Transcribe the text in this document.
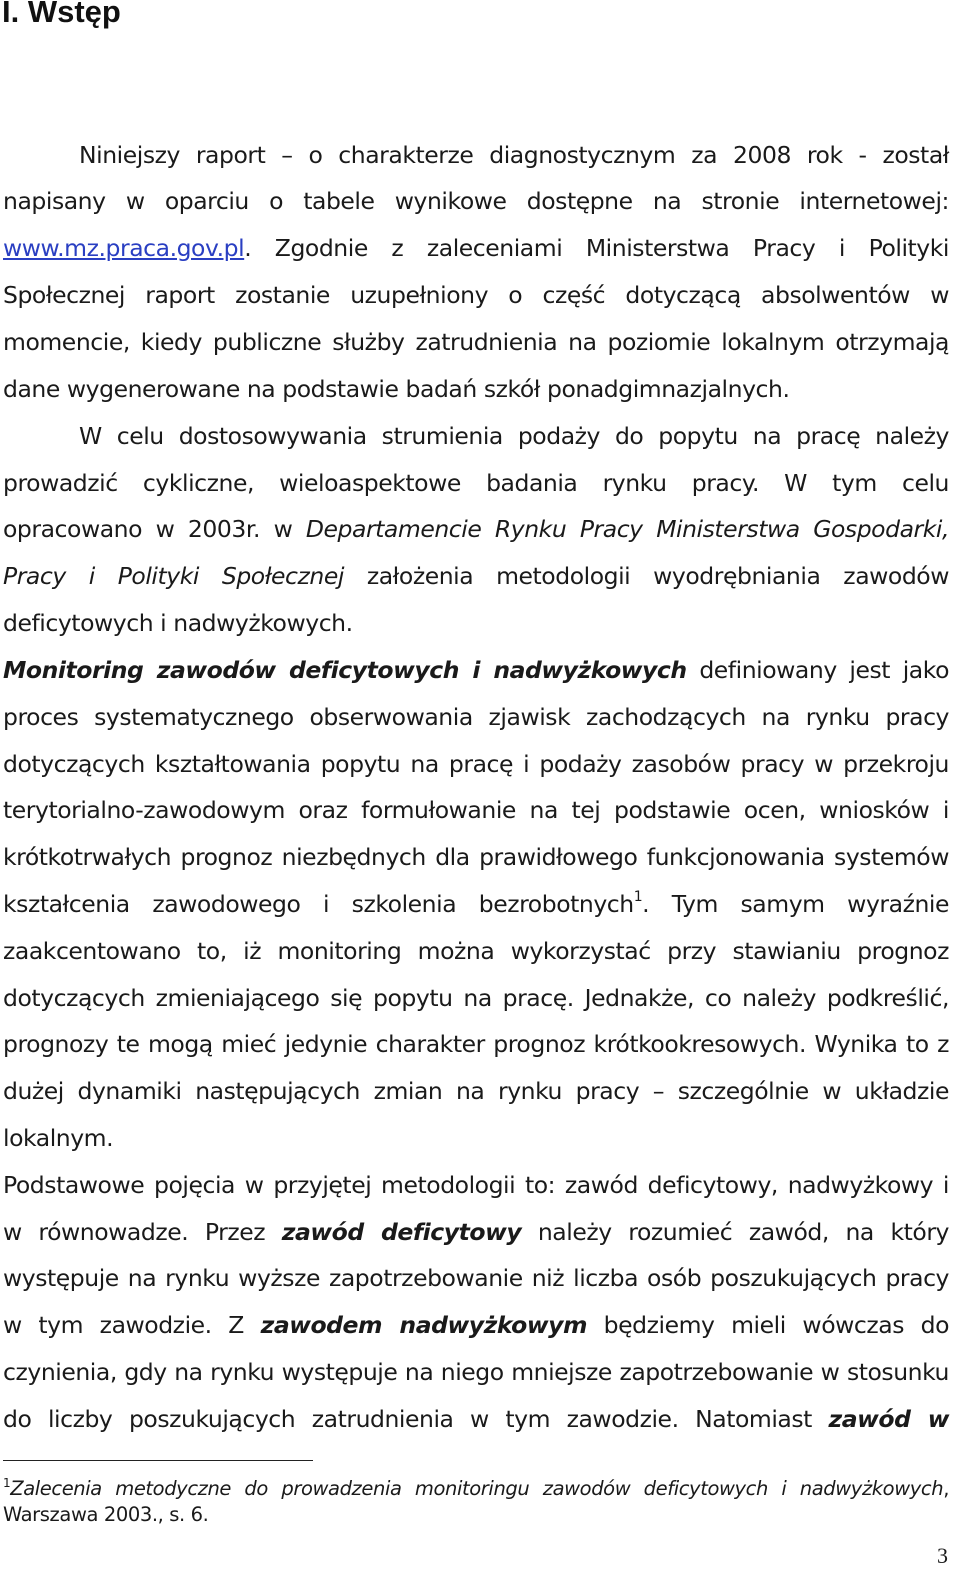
I. Wstęp
Niniejszy raport – o charakterze diagnostycznym za 2008 rok - został
napisany w oparciu o tabele wynikowe dostępne na stronie internetowej:
www.mz.praca.gov.pl. Zgodnie z zaleceniami Ministerstwa Pracy i Polityki
Społecznej raport zostanie uzupełniony o część dotyczącą absolwentów w
momencie, kiedy publiczne służby zatrudnienia na poziomie lokalnym otrzymają
dane wygenerowane na podstawie badań szkół ponadgimnazjalnych.
W celu dostosowywania strumienia podaży do popytu na pracę należy
prowadzić cykliczne, wieloaspektowe badania rynku pracy. W tym celu
opracowano w 2003r. w Departamencie Rynku Pracy Ministerstwa Gospodarki,
Pracy i Polityki Społecznej założenia metodologii wyodrębniania zawodów
deficytowych i nadwyżkowych.
Monitoring zawodów deficytowych i nadwyżkowych definiowany jest jako
proces systematycznego obserwowania zjawisk zachodzących na rynku pracy
dotyczących kształtowania popytu na pracę i podaży zasobów pracy w przekroju
terytorialno-zawodowym oraz formułowanie na tej podstawie ocen, wniosków i
krótkotrwałych prognoz niezbędnych dla prawidłowego funkcjonowania systemów
kształcenia zawodowego i szkolenia bezrobotnych$^1$. Tym samym wyraźnie
zaakcentowano to, iż monitoring można wykorzystać przy stawianiu prognoz
dotyczących zmieniającego się popytu na pracę. Jednakże, co należy podkreślić,
prognozy te mogą mieć jedynie charakter prognoz krótkookresowych. Wynika to z
dużej dynamiki następujących zmian na rynku pracy – szczególnie w układzie
lokalnym.
Podstawowe pojęcia w przyjętej metodologii to: zawód deficytowy, nadwyżkowy i
w równowadze. Przez zawód deficytowy należy rozumieć zawód, na który
występuje na rynku wyższe zapotrzebowanie niż liczba osób poszukujących pracy
w tym zawodzie. Z zawodem nadwyżkowym będziemy mieli wówczas do
czynienia, gdy na rynku występuje na niego mniejsze zapotrzebowanie w stosunku
do liczby poszukujących zatrudnienia w tym zawodzie. Natomiast zawód w
$^1$Zalecenia metodyczne do prowadzenia monitoringu zawodów deficytowych i nadwyżkowych,
Warszawa 2003., s. 6.
3
